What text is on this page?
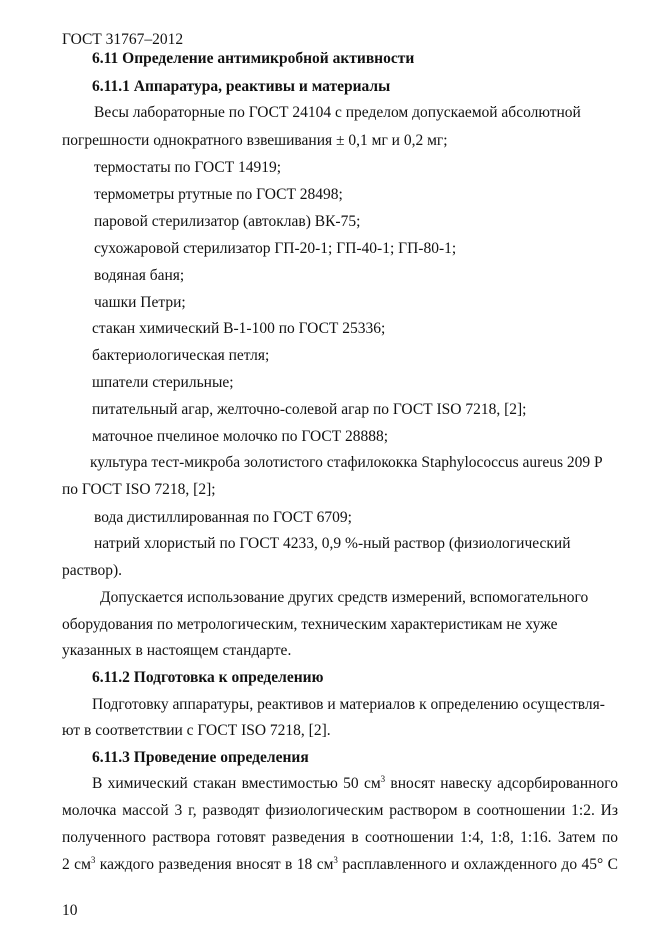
ГОСТ 31767–2012
6.11 Определение антимикробной активности
6.11.1 Аппаратура, реактивы и материалы
Весы лабораторные по ГОСТ 24104 с пределом допускаемой абсолютной
погрешности однократного взвешивания ± 0,1 мг и 0,2 мг;
термостаты по ГОСТ 14919;
термометры ртутные по ГОСТ 28498;
паровой стерилизатор (автоклав) ВК-75;
сухожаровой стерилизатор ГП-20-1; ГП-40-1; ГП-80-1;
водяная баня;
чашки Петри;
стакан химический В-1-100 по ГОСТ 25336;
бактериологическая петля;
шпатели стерильные;
питательный агар, желточно-солевой агар по ГОСТ ISO 7218, [2];
маточное пчелиное молочко по ГОСТ 28888;
культура тест-микроба золотистого стафилококка Staphylococcus aureus 209 Р
по ГОСТ ISO 7218, [2];
вода дистиллированная по ГОСТ 6709;
натрий хлористый по ГОСТ 4233, 0,9 %-ный раствор (физиологический
раствор).
Допускается использование других средств измерений, вспомогательного
оборудования по метрологическим, техническим характеристикам не хуже
указанных в настоящем стандарте.
6.11.2 Подготовка к определению
Подготовку аппаратуры, реактивов и материалов к определению осуществля-
ют в соответствии с ГОСТ ISO 7218, [2].
6.11.3 Проведение определения
В химический стакан вместимостью 50 $см^3$ вносят навеску адсорбированного
молочка массой 3 г, разводят физиологическим раствором в соотношении 1:2. Из
полученного раствора готовят разведения в соотношении 1:4, 1:8, 1:16. Затем по
2 $см^3$ каждого разведения вносят в 18 $см^3$ расплавленного и охлажденного до 45° С
10
